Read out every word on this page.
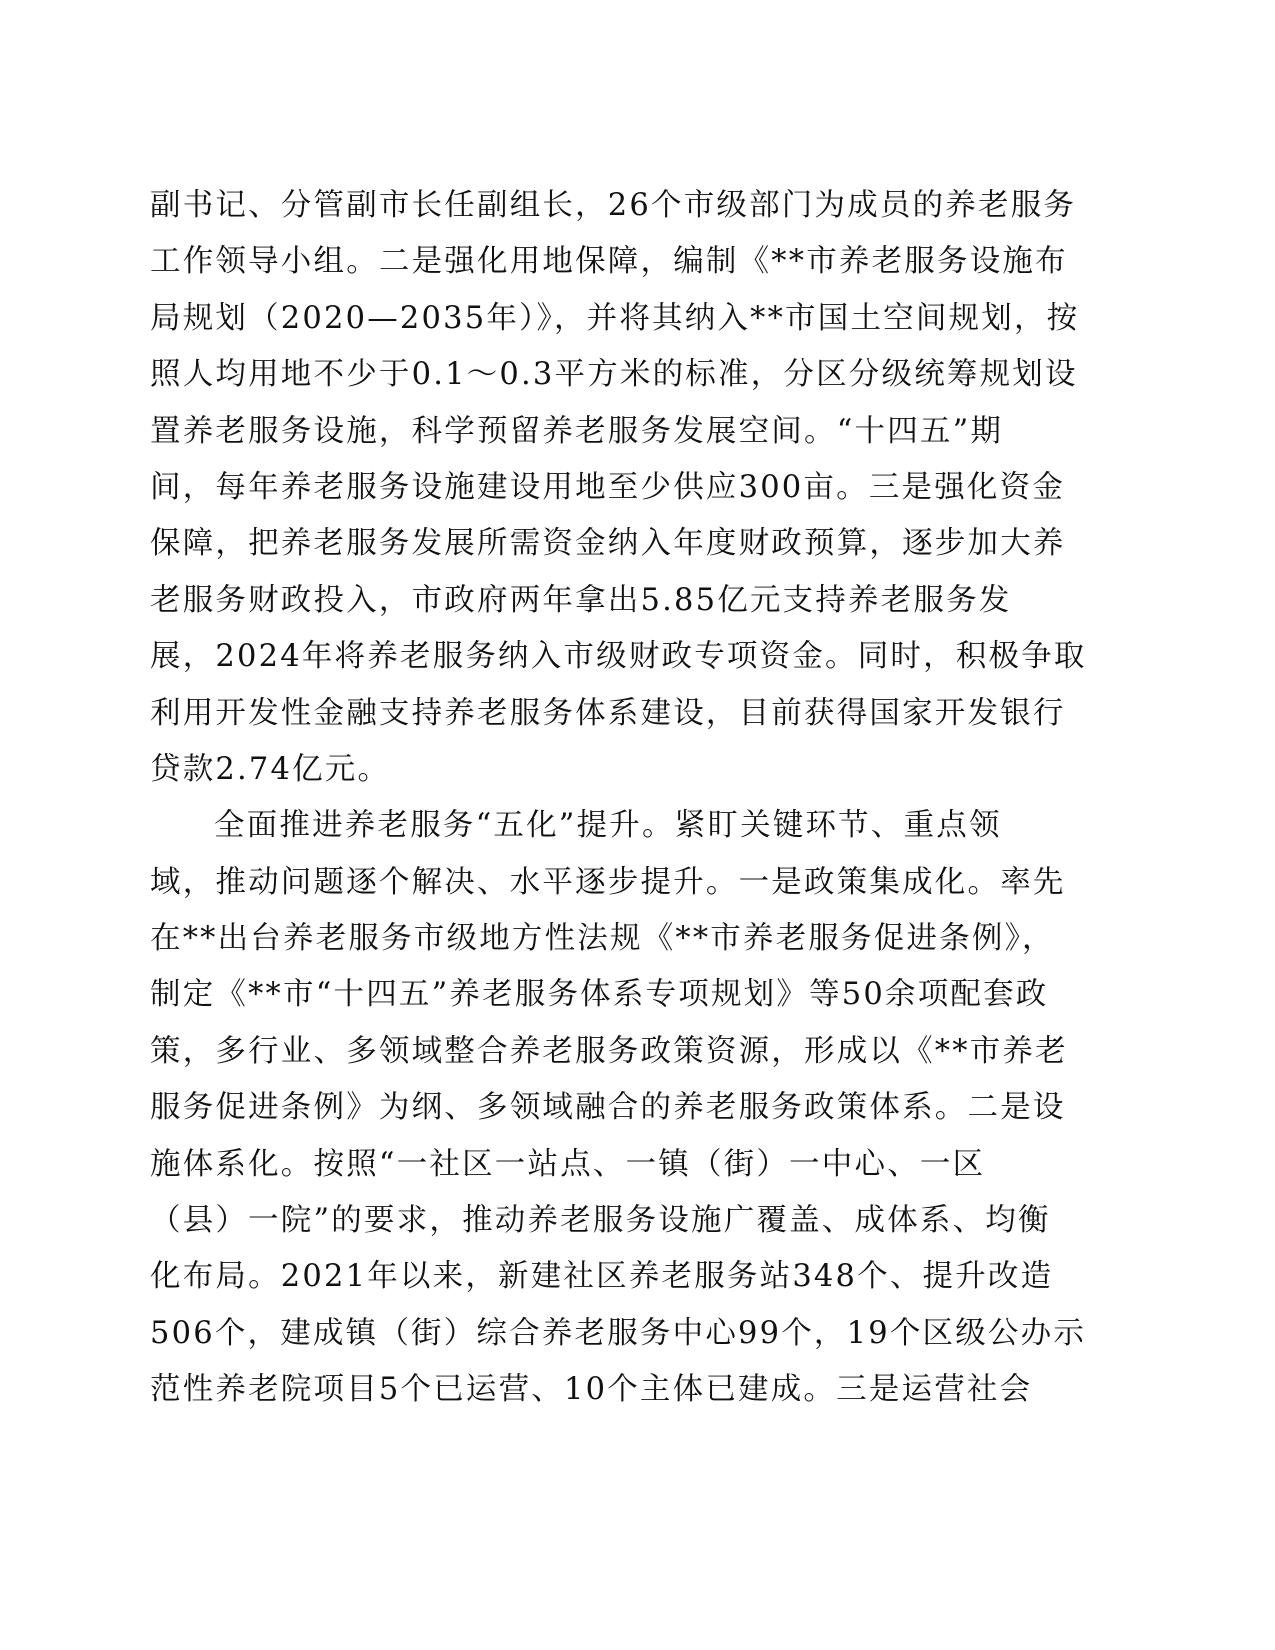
副书记、分管副市长任副组长，26个市级部门为成员的养老服务
工作领导小组。二是强化用地保障，编制《**市养老服务设施布
局规划（2020—2035年）》，并将其纳入**市国土空间规划，按
照人均用地不少于0.1～0.3平方米的标准，分区分级统筹规划设
置养老服务设施，科学预留养老服务发展空间。“十四五”期
间，每年养老服务设施建设用地至少供应300亩。三是强化资金
保障，把养老服务发展所需资金纳入年度财政预算，逐步加大养
老服务财政投入，市政府两年拿出5.85亿元支持养老服务发
展，2024年将养老服务纳入市级财政专项资金。同时，积极争取
利用开发性金融支持养老服务体系建设，目前获得国家开发银行
贷款2.74亿元。
全面推进养老服务“五化”提升。紧盯关键环节、重点领
域，推动问题逐个解决、水平逐步提升。一是政策集成化。率先
在**出台养老服务市级地方性法规《**市养老服务促进条例》，
制定《**市“十四五”养老服务体系专项规划》等50余项配套政
策，多行业、多领域整合养老服务政策资源，形成以《**市养老
服务促进条例》为纲、多领域融合的养老服务政策体系。二是设
施体系化。按照“一社区一站点、一镇（街）一中心、一区
（县）一院”的要求，推动养老服务设施广覆盖、成体系、均衡
化布局。2021年以来，新建社区养老服务站348个、提升改造
506个，建成镇（街）综合养老服务中心99个，19个区级公办示
范性养老院项目5个已运营、10个主体已建成。三是运营社会
